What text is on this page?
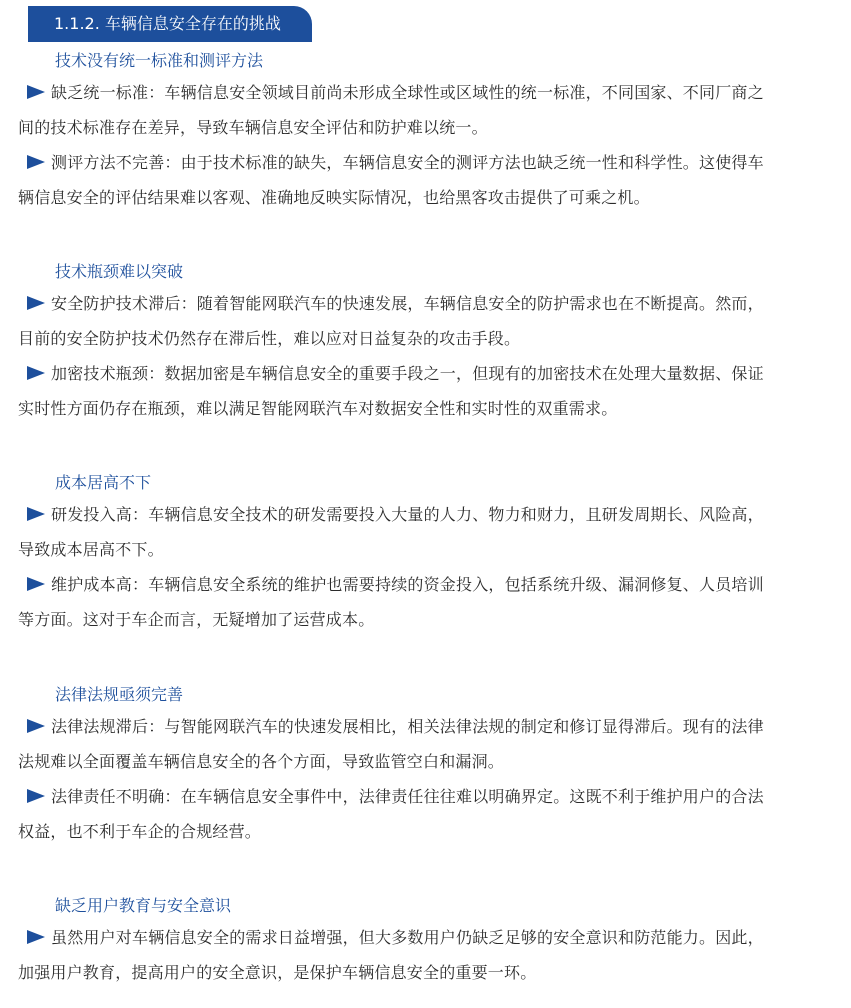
1.1.2. 车辆信息安全存在的挑战
技术没有统一标准和测评方法
缺乏统一标准：车辆信息安全领域目前尚未形成全球性或区域性的统一标准，不同国家、不同厂商之
间的技术标准存在差异，导致车辆信息安全评估和防护难以统一。
测评方法不完善：由于技术标准的缺失，车辆信息安全的测评方法也缺乏统一性和科学性。这使得车
辆信息安全的评估结果难以客观、准确地反映实际情况，也给黑客攻击提供了可乘之机。
技术瓶颈难以突破
安全防护技术滞后：随着智能网联汽车的快速发展，车辆信息安全的防护需求也在不断提高。然而，
目前的安全防护技术仍然存在滞后性，难以应对日益复杂的攻击手段。
加密技术瓶颈：数据加密是车辆信息安全的重要手段之一，但现有的加密技术在处理大量数据、保证
实时性方面仍存在瓶颈，难以满足智能网联汽车对数据安全性和实时性的双重需求。
成本居高不下
研发投入高：车辆信息安全技术的研发需要投入大量的人力、物力和财力，且研发周期长、风险高，
导致成本居高不下。
维护成本高：车辆信息安全系统的维护也需要持续的资金投入，包括系统升级、漏洞修复、人员培训
等方面。这对于车企而言，无疑增加了运营成本。
法律法规亟须完善
法律法规滞后：与智能网联汽车的快速发展相比，相关法律法规的制定和修订显得滞后。现有的法律
法规难以全面覆盖车辆信息安全的各个方面，导致监管空白和漏洞。
法律责任不明确：在车辆信息安全事件中，法律责任往往难以明确界定。这既不利于维护用户的合法
权益，也不利于车企的合规经营。
缺乏用户教育与安全意识
虽然用户对车辆信息安全的需求日益增强，但大多数用户仍缺乏足够的安全意识和防范能力。因此，
加强用户教育，提高用户的安全意识，是保护车辆信息安全的重要一环。
